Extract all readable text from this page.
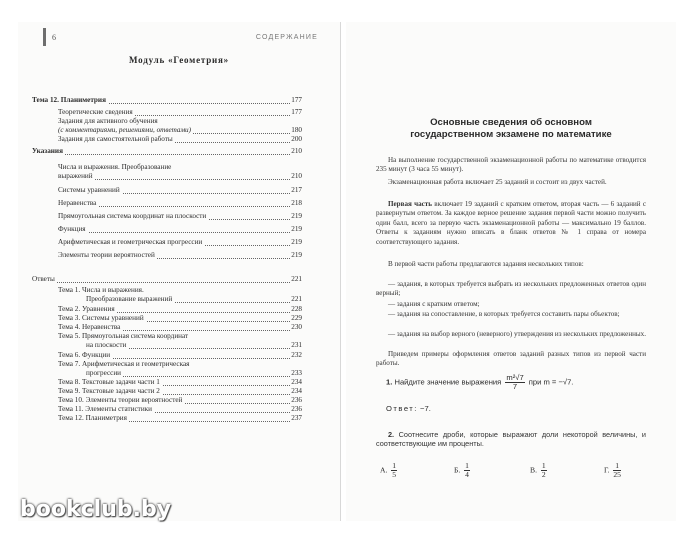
6	СОДЕРЖАНИЕ
Модуль «Геометрия»
Тема 12. Планиметрия	177
Теоретические сведения	177
Задания для активного обучения
(с комментариями, решениями, ответами)	180
Задания для самостоятельной работы	200
Указания	210
Числа и выражения. Преобразование
выражений	210
Системы уравнений	217
Неравенства	218
Прямоугольная система координат на плоскости	219
Функция	219
Арифметическая и геометрическая прогрессии	219
Элементы теории вероятностей	219
Ответы	221
Тема 1. Числа и выражения.
Преобразование выражений	221
Тема 2. Уравнения	228
Тема 3. Системы уравнений	229
Тема 4. Неравенства	230
Тема 5. Прямоугольная система координат
на плоскости	231
Тема 6. Функции	232
Тема 7. Арифметическая и геометрическая
прогрессии	233
Тема 8. Текстовые задачи части 1	234
Тема 9. Текстовые задачи части 2	234
Тема 10. Элементы теории вероятностей	236
Тема 11. Элементы статистики	236
Тема 12. Планиметрия	237
Основные сведения об основном
государственном экзамене по математике
На выполнение государственной экзаменационной работы по математике отводится 235 минут (3 часа 55 минут).
Экзаменационная работа включает 25 заданий и состоит из двух частей.
Первая часть включает 19 заданий с кратким ответом, вторая часть — 6 заданий с развернутым ответом. За каждое верное решение задания первой части можно получить один балл, всего за первую часть экзаменационной работы — максимально 19 баллов. Ответы к заданиям нужно вписать в бланк ответов № 1 справа от номера соответствующего задания.
В первой части работы предлагаются задания нескольких типов:
— задания, в которых требуется выбрать из нескольких предложенных ответов один верный;
— задания с кратким ответом;
— задания на сопоставление, в которых требуется составить пары объектов;
— задания на выбор верного (неверного) утверждения из нескольких предложенных.
Приведем примеры оформления ответов заданий разных типов из первой части работы.
1. Найдите значение выражения $\frac{\text{m²√7}}{7}$ при m = −√7.
Ответ: −7.
2. Соотнесите дроби, которые выражают доли некоторой величины, и соответствующие им проценты.
А. $\frac{1}{5}$	Б. $\frac{1}{4}$	В. $\frac{1}{2}$	Г. $\frac{1}{25}$
bookclub.by
